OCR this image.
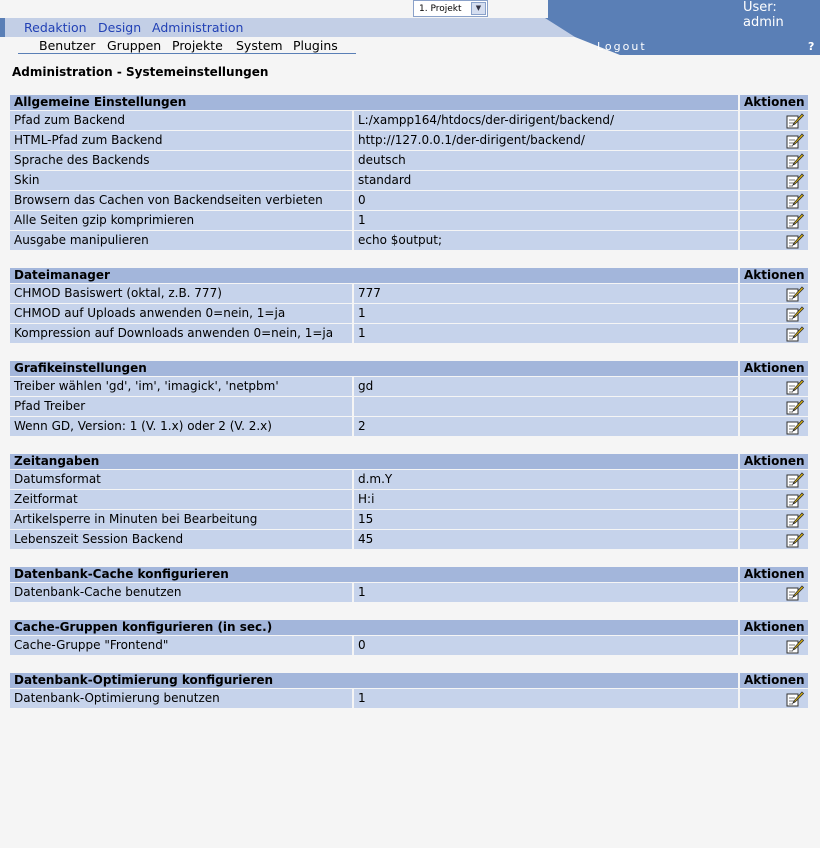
Redaktion Design Administration
Benutzer Gruppen Projekte System Plugins
1. Projekt	▼	User: admin
Logout	?
Administration - Systemeinstellungen
Allgemeine Einstellungen	Aktionen
Pfad zum Backend	L:/xampp164/htdocs/der-dirigent/backend/
HTML-Pfad zum Backend	http://127.0.0.1/der-dirigent/backend/
Sprache des Backends	deutsch
Skin	standard
Browsern das Cachen von Backendseiten verbieten	0
Alle Seiten gzip komprimieren	1
Ausgabe manipulieren	echo $output;
Dateimanager	Aktionen
CHMOD Basiswert (oktal, z.B. 777)	777
CHMOD auf Uploads anwenden 0=nein, 1=ja	1
Kompression auf Downloads anwenden 0=nein, 1=ja	1
Grafikeinstellungen	Aktionen
Treiber wählen 'gd', 'im', 'imagick', 'netpbm'	gd
Pfad Treiber
Wenn GD, Version: 1 (V. 1.x) oder 2 (V. 2.x)	2
Zeitangaben	Aktionen
Datumsformat	d.m.Y
Zeitformat	H:i
Artikelsperre in Minuten bei Bearbeitung	15
Lebenszeit Session Backend	45
Datenbank-Cache konfigurieren	Aktionen
Datenbank-Cache benutzen	1
Cache-Gruppen konfigurieren (in sec.)	Aktionen
Cache-Gruppe "Frontend"	0
Datenbank-Optimierung konfigurieren	Aktionen
Datenbank-Optimierung benutzen	1
